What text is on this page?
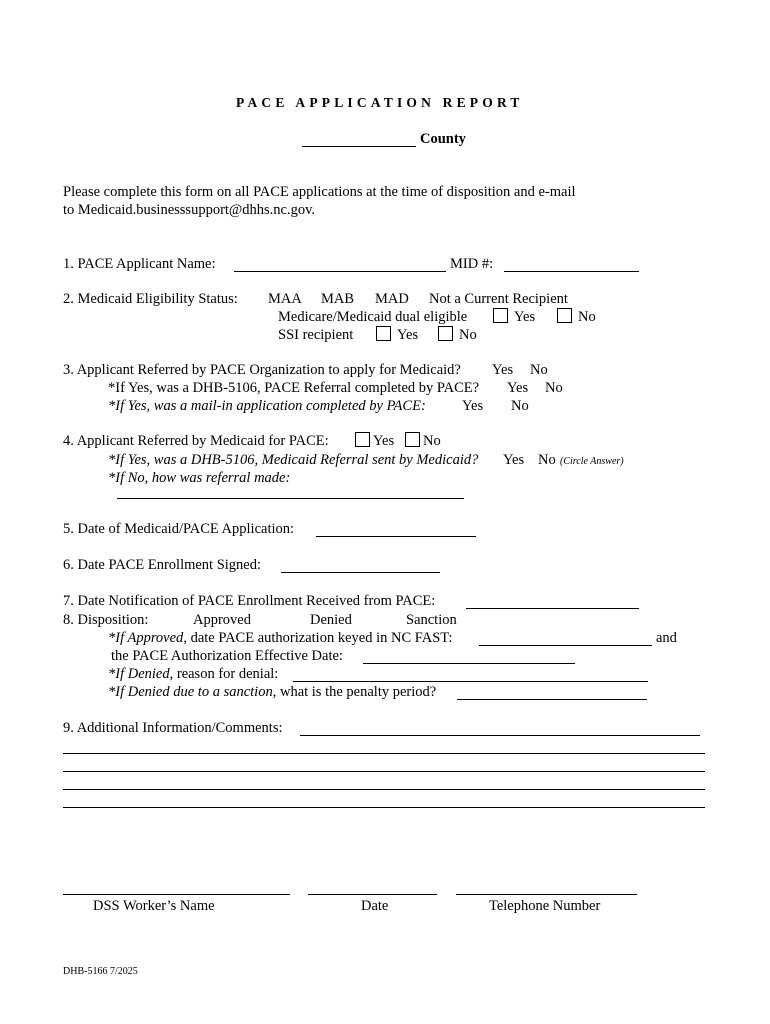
PACE APPLICATION REPORT
County
Please complete this form on all PACE applications at the time of disposition and e-mail
to Medicaid.businesssupport@dhhs.nc.gov.
1. PACE Applicant Name:	MID #:
2. Medicaid Eligibility Status: MAA MAB MAD Not a Current Recipient
Medicare/Medicaid dual eligible	Yes	No
SSI recipient	Yes	No
3. Applicant Referred by PACE Organization to apply for Medicaid? Yes No
*If Yes, was a DHB-5106, PACE Referral completed by PACE? Yes No
*If Yes, was a mail-in application completed by PACE: Yes No
4. Applicant Referred by Medicaid for PACE:	Yes	No
*If Yes, was a DHB-5106, Medicaid Referral sent by Medicaid? Yes No (Circle Answer)
*If No, how was referral made:
5. Date of Medicaid/PACE Application:
6. Date PACE Enrollment Signed:
7. Date Notification of PACE Enrollment Received from PACE:
8. Disposition:	Approved	Denied	Sanction
*If Approved, date PACE authorization keyed in NC FAST:	and
the PACE Authorization Effective Date:
*If Denied, reason for denial:
*If Denied due to a sanction, what is the penalty period?
9. Additional Information/Comments:
DSS Worker’s Name	Date	Telephone Number
DHB-5166 7/2025
